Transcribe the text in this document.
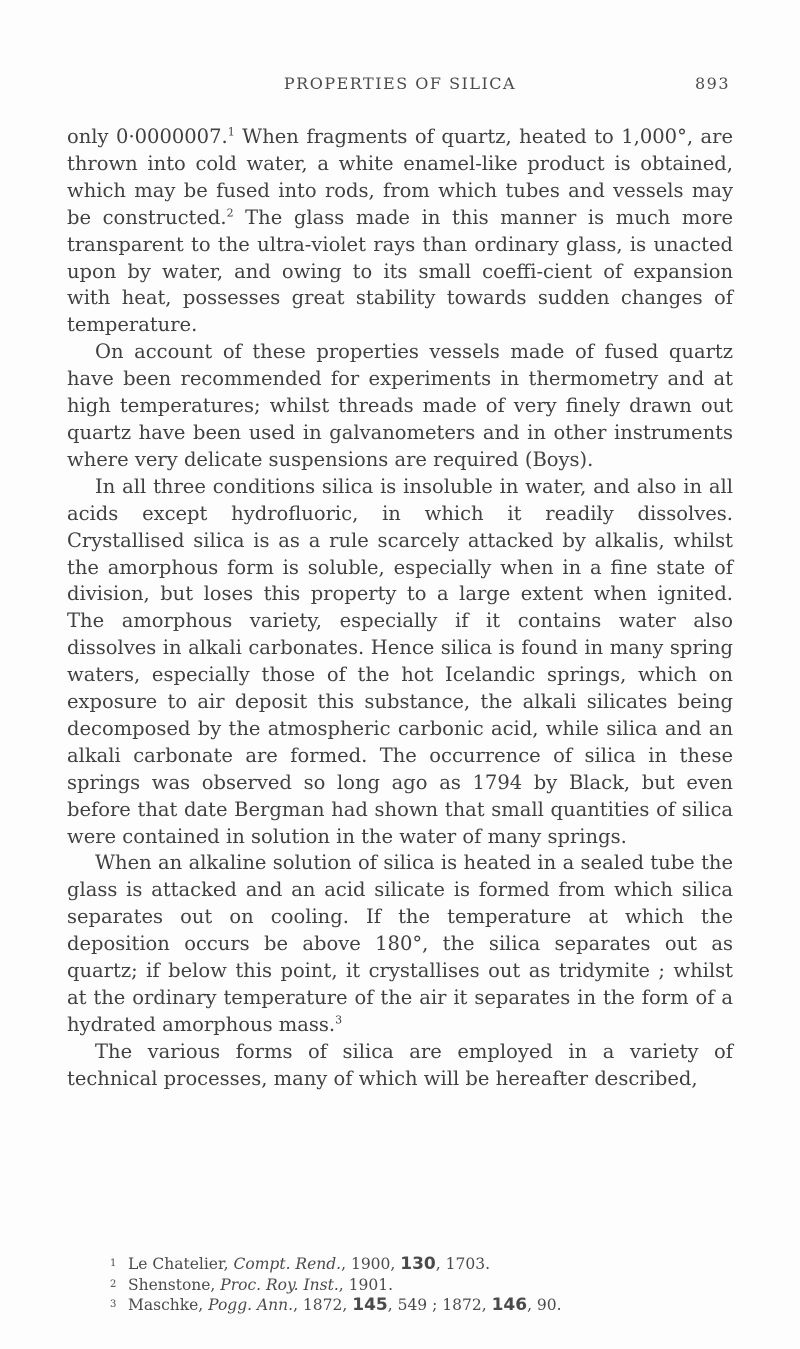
PROPERTIES OF SILICA	893

only 0·0000007.$^1$ When fragments of quartz, heated to 1,000°, are thrown into cold water, a white enamel-like product is obtained, which may be fused into rods, from which tubes and vessels may be constructed.$^2$ The glass made in this manner is much more transparent to the ultra-violet rays than ordinary glass, is unacted upon by water, and owing to its small coeffi-cient of expansion with heat, possesses great stability towards sudden changes of temperature.

On account of these properties vessels made of fused quartz have been recommended for experiments in thermometry and at high temperatures; whilst threads made of very finely drawn out quartz have been used in galvanometers and in other instruments where very delicate suspensions are required (Boys).

In all three conditions silica is insoluble in water, and also in all acids except hydrofluoric, in which it readily dissolves. Crystallised silica is as a rule scarcely attacked by alkalis, whilst the amorphous form is soluble, especially when in a fine state of division, but loses this property to a large extent when ignited. The amorphous variety, especially if it contains water also dissolves in alkali carbonates. Hence silica is found in many spring waters, especially those of the hot Icelandic springs, which on exposure to air deposit this substance, the alkali silicates being decomposed by the atmospheric carbonic acid, while silica and an alkali carbonate are formed. The occurrence of silica in these springs was observed so long ago as 1794 by Black, but even before that date Bergman had shown that small quantities of silica were contained in solution in the water of many springs.

When an alkaline solution of silica is heated in a sealed tube the glass is attacked and an acid silicate is formed from which silica separates out on cooling. If the temperature at which the deposition occurs be above 180°, the silica separates out as quartz; if below this point, it crystallises out as tridymite ; whilst at the ordinary temperature of the air it separates in the form of a hydrated amorphous mass.$^3$

The various forms of silica are employed in a variety of technical processes, many of which will be hereafter described,

1 Le Chatelier, Compt. Rend., 1900, 130, 1703.
2 Shenstone, Proc. Roy. Inst., 1901.
3 Maschke, Pogg. Ann., 1872, 145, 549 ; 1872, 146, 90.
